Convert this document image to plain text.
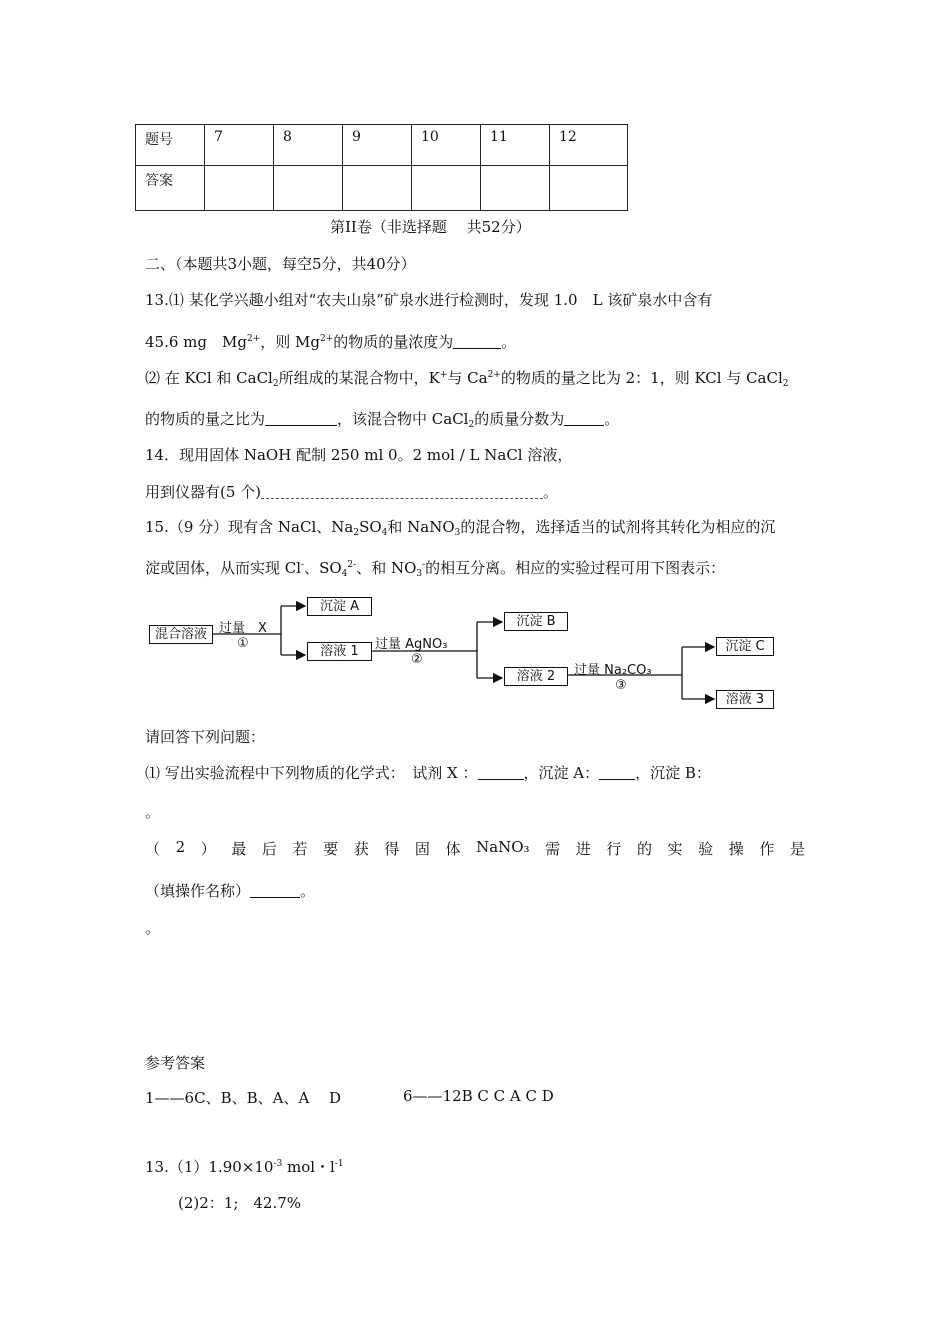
题号	7	8	9	10	11	12
答案						
第II卷（非选择题　 共52分）
二、（本题共3小题，每空5分，共40分）
13.⑴ 某化学兴趣小组对“农夫山泉”矿泉水进行检测时，发现 1.0　L 该矿泉水中含有
45.6 mg　$Mg^{2+}$，则 $Mg^{2+}$的物质的量浓度为	。
⑵ 在 KCl 和 CaCl$_2$所组成的某混合物中，K+与 $Ca^{2+}$的物质的量之比为 2：1，则 KCl 与 CaCl$_2$
的物质的量之比为	，该混合物中 CaCl$_2$的质量分数为	。
14．现用固体 NaOH 配制 250 ml 0。2 mol / L NaCl 溶液，
用到仪器有(5 个)	。
15.（9 分）现有含 NaCl、$Na_2SO_4$和 NaNO$_3$的混合物，选择适当的试剂将其转化为相应的沉
淀或固体，从而实现 Cl-、$SO_4^{2-}$、和 $NO_3^-$的相互分离。相应的实验过程可用下图表示：
混合溶液 过量　X
①
沉淀 A
溶液 1	过量 AgNO₃
②
沉淀 B
溶液 2	过量 Na₂CO₃
③
沉淀 C
溶液 3
请回答下列问题：
⑴ 写出实验流程中下列物质的化学式：　试剂 X ：	，沉淀 A： ，沉淀 B：
。
（ 2 ） 最 后 若 要 获 得 固 体 NaNO₃ 需 进 行 的 实 验 操 作 是
（填操作名称）	。
。
参考答案
1——6C、B、B、A、A　 D	6——12B C C A C D
$13.(1)1.90\times 10^{-3}$ mol・$l^{-1}$
(2)2：1;　42.7%
